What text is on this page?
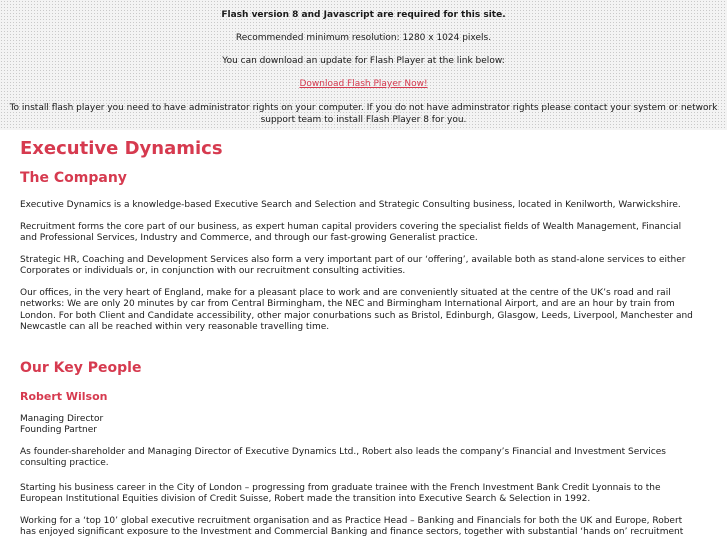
Flash version 8 and Javascript are required for this site.

Recommended minimum resolution: 1280 x 1024 pixels.

You can download an update for Flash Player at the link below:

Download Flash Player Now!

To install flash player you need to have administrator rights on your computer. If you do not have adminstrator rights please contact your system or network support team to install Flash Player 8 for you.

Executive Dynamics
The Company

Executive Dynamics is a knowledge-based Executive Search and Selection and Strategic Consulting business, located in Kenilworth, Warwickshire.

Recruitment forms the core part of our business, as expert human capital providers covering the specialist fields of Wealth Management, Financial and Professional Services, Industry and Commerce, and through our fast-growing Generalist practice.

Strategic HR, Coaching and Development Services also form a very important part of our ‘offering’, available both as stand-alone services to either Corporates or individuals or, in conjunction with our recruitment consulting activities.

Our offices, in the very heart of England, make for a pleasant place to work and are conveniently situated at the centre of the UK’s road and rail networks: We are only 20 minutes by car from Central Birmingham, the NEC and Birmingham International Airport, and are an hour by train from London. For both Client and Candidate accessibility, other major conurbations such as Bristol, Edinburgh, Glasgow, Leeds, Liverpool, Manchester and Newcastle can all be reached within very reasonable travelling time.

Our Key People
Robert Wilson

Managing Director

Founding Partner

As founder-shareholder and Managing Director of Executive Dynamics Ltd., Robert also leads the company’s Financial and Investment Services consulting practice.

Starting his business career in the City of London – progressing from graduate trainee with the French Investment Bank Credit Lyonnais to the European Institutional Equities division of Credit Suisse, Robert made the transition into Executive Search & Selection in 1992.

Working for a ‘top 10’ global executive recruitment organisation and as Practice Head – Banking and Financials for both the UK and Europe, Robert has enjoyed significant exposure to the Investment and Commercial Banking and finance sectors, together with substantial ‘hands on’ recruitment
